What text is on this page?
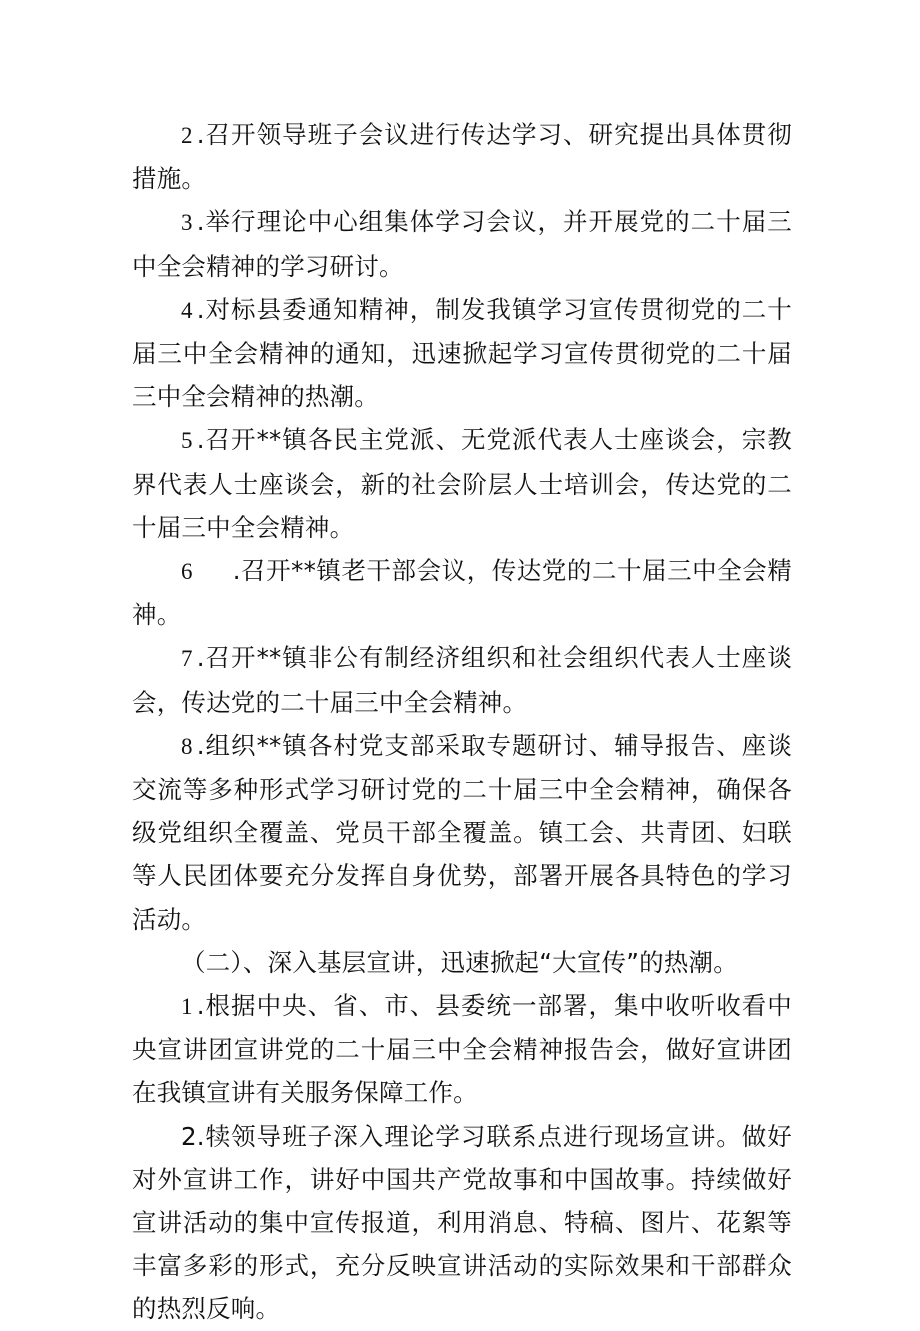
2 .召开领导班子会议进行传达学习、研究提出具体贯彻措施。

3 .举行理论中心组集体学习会议，并开展党的二十届三中全会精神的学习研讨。

4 .对标县委通知精神，制发我镇学习宣传贯彻党的二十届三中全会精神的通知，迅速掀起学习宣传贯彻党的二十届三中全会精神的热潮。

5 .召开**镇各民主党派、无党派代表人士座谈会，宗教界代表人士座谈会，新的社会阶层人士培训会，传达党的二十届三中全会精神。

6 .召开**镇老干部会议，传达党的二十届三中全会精神。

7 .召开**镇非公有制经济组织和社会组织代表人士座谈会，传达党的二十届三中全会精神。

8 .组织**镇各村党支部采取专题研讨、辅导报告、座谈交流等多种形式学习研讨党的二十届三中全会精神，确保各级党组织全覆盖、党员干部全覆盖。镇工会、共青团、妇联等人民团体要充分发挥自身优势，部署开展各具特色的学习活动。

（二）、深入基层宣讲，迅速掀起“大宣传”的热潮。

1 .根据中央、省、市、县委统一部署，集中收听收看中央宣讲团宣讲党的二十届三中全会精神报告会，做好宣讲团在我镇宣讲有关服务保障工作。

2.犊领导班子深入理论学习联系点进行现场宣讲。做好对外宣讲工作，讲好中国共产党故事和中国故事。持续做好宣讲活动的集中宣传报道，利用消息、特稿、图片、花絮等丰富多彩的形式，充分反映宣讲活动的实际效果和干部群众的热烈反响。
